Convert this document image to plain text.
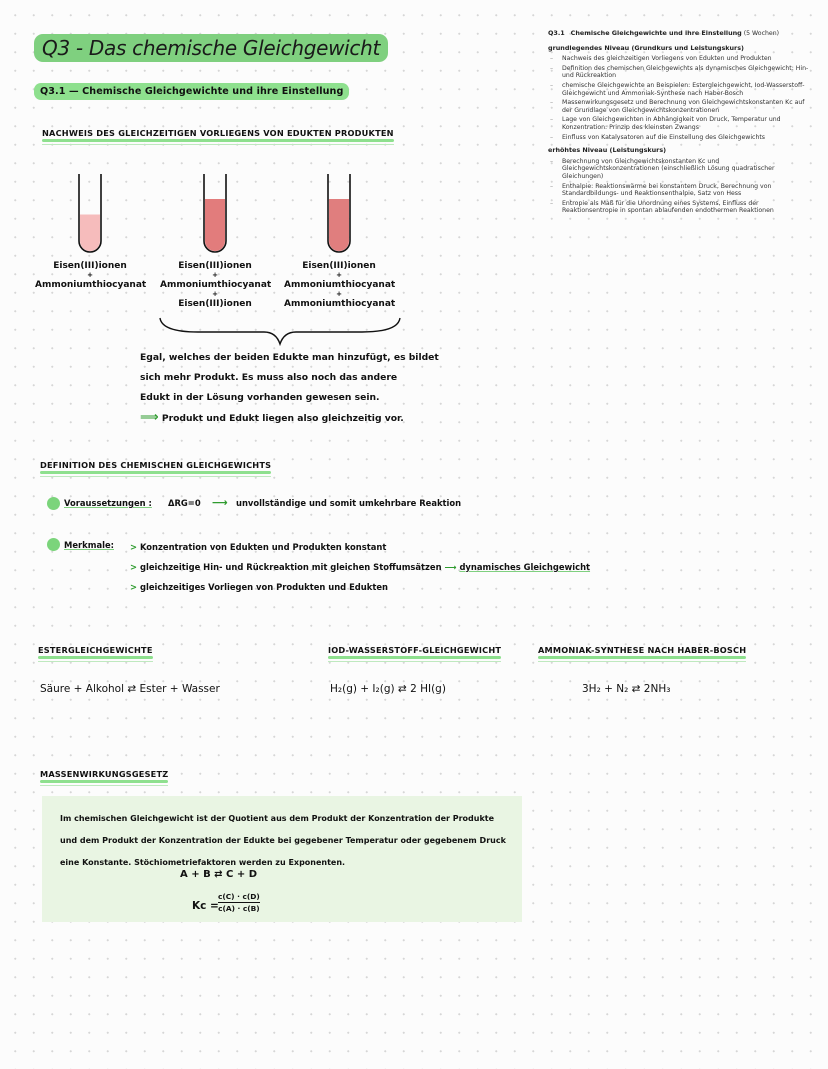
Q3 - Das chemische Gleichgewicht
Q3.1 — Chemische Gleichgewichte und ihre Einstellung
Q3.1 Chemische Gleichgewichte und ihre Einstellung (5 Wochen)
grundlegendes Niveau (Grundkurs und Leistungskurs)
– Nachweis des gleichzeitigen Vorliegens von Edukten und Produkten
– Definition des chemischen Gleichgewichts als dynamisches Gleichgewicht: Hin- und Rückreaktion
– chemische Gleichgewichte an Beispielen: Estergleichgewicht, Iod-Wasserstoff-Gleichgewicht und Ammoniak-Synthese nach Haber-Bosch
– Massenwirkungsgesetz und Berechnung von Gleichgewichtskonstanten Kc auf der Grundlage von Gleichgewichtskonzentrationen
– Lage von Gleichgewichten in Abhängigkeit von Druck, Temperatur und Konzentration: Prinzip des kleinsten Zwangs
– Einfluss von Katalysatoren auf die Einstellung des Gleichgewichts
erhöhtes Niveau (Leistungskurs)
– Berechnung von Gleichgewichtskonstanten Kc und Gleichgewichtskonzentrationen (einschließlich Lösung quadratischer Gleichungen)
– Enthalpie: Reaktionswärme bei konstantem Druck, Berechnung von Standardbildungs- und Reaktionsenthalpie, Satz von Hess
– Entropie als Maß für die Unordnung eines Systems, Einfluss der Reaktionsentropie in spontan ablaufenden endothermen Reaktionen
NACHWEIS DES GLEICHZEITIGEN VORLIEGENS VON EDUKTEN PRODUKTEN
Eisen(III)ionen
+
Ammoniumthiocyanat
Eisen(III)ionen
+
Ammoniumthiocyanat
+
Eisen(III)ionen
Eisen(III)ionen
+
Ammoniumthiocyanat
+
Ammoniumthiocyanat
Egal, welches der beiden Edukte man hinzufügt, es bildet
sich mehr Produkt. Es muss also noch das andere
Edukt in der Lösung vorhanden gewesen sein.
⟹ Produkt und Edukt liegen also gleichzeitig vor.
DEFINITION DES CHEMISCHEN GLEICHGEWICHTS
Voraussetzungen : ΔRG=0 ⟶ unvollständige und somit umkehrbare Reaktion
Merkmale: > Konzentration von Edukten und Produkten konstant
> gleichzeitige Hin- und Rückreaktion mit gleichen Stoffumsätzen ⟶ dynamisches Gleichgewicht
> gleichzeitiges Vorliegen von Produkten und Edukten
ESTERGLEICHGEWICHTE
Säure + Alkohol ⇄ Ester + Wasser
IOD-WASSERSTOFF-GLEICHGEWICHT
H₂(g) + I₂(g) ⇄ 2 HI(g)
AMMONIAK-SYNTHESE NACH HABER-BOSCH
3H₂ + N₂ ⇄ 2NH₃
MASSENWIRKUNGSGESETZ
Im chemischen Gleichgewicht ist der Quotient aus dem Produkt der Konzentration der Produkte
und dem Produkt der Konzentration der Edukte bei gegebener Temperatur oder gegebenem Druck
eine Konstante. Stöchiometriefaktoren werden zu Exponenten.
A + B ⇄ C + D
Kc =
c(C) · c(D)
c(A) · c(B)
